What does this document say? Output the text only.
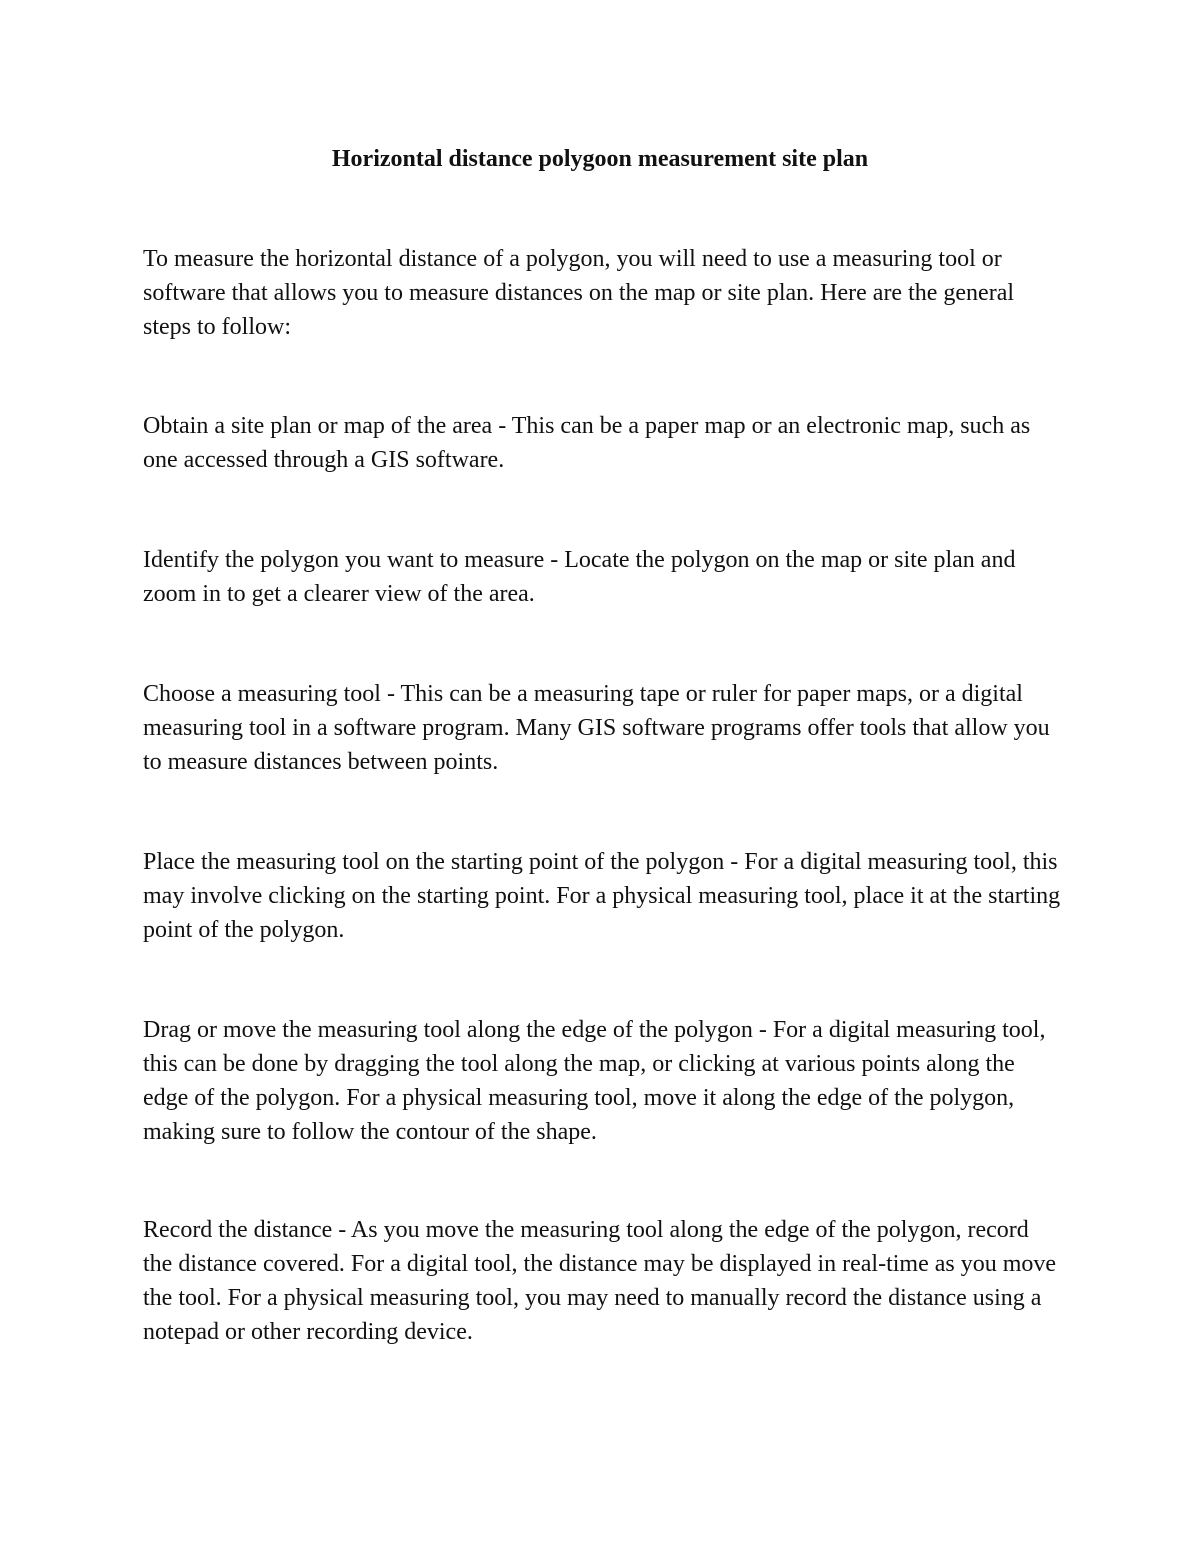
Horizontal distance polygoon measurement site plan

To measure the horizontal distance of a polygon, you will need to use a measuring tool or software that allows you to measure distances on the map or site plan. Here are the general steps to follow:

Obtain a site plan or map of the area - This can be a paper map or an electronic map, such as one accessed through a GIS software.

Identify the polygon you want to measure - Locate the polygon on the map or site plan and zoom in to get a clearer view of the area.

Choose a measuring tool - This can be a measuring tape or ruler for paper maps, or a digital measuring tool in a software program. Many GIS software programs offer tools that allow you to measure distances between points.

Place the measuring tool on the starting point of the polygon - For a digital measuring tool, this may involve clicking on the starting point. For a physical measuring tool, place it at the starting point of the polygon.

Drag or move the measuring tool along the edge of the polygon - For a digital measuring tool, this can be done by dragging the tool along the map, or clicking at various points along the edge of the polygon. For a physical measuring tool, move it along the edge of the polygon, making sure to follow the contour of the shape.

Record the distance - As you move the measuring tool along the edge of the polygon, record the distance covered. For a digital tool, the distance may be displayed in real-time as you move the tool. For a physical measuring tool, you may need to manually record the distance using a notepad or other recording device.
